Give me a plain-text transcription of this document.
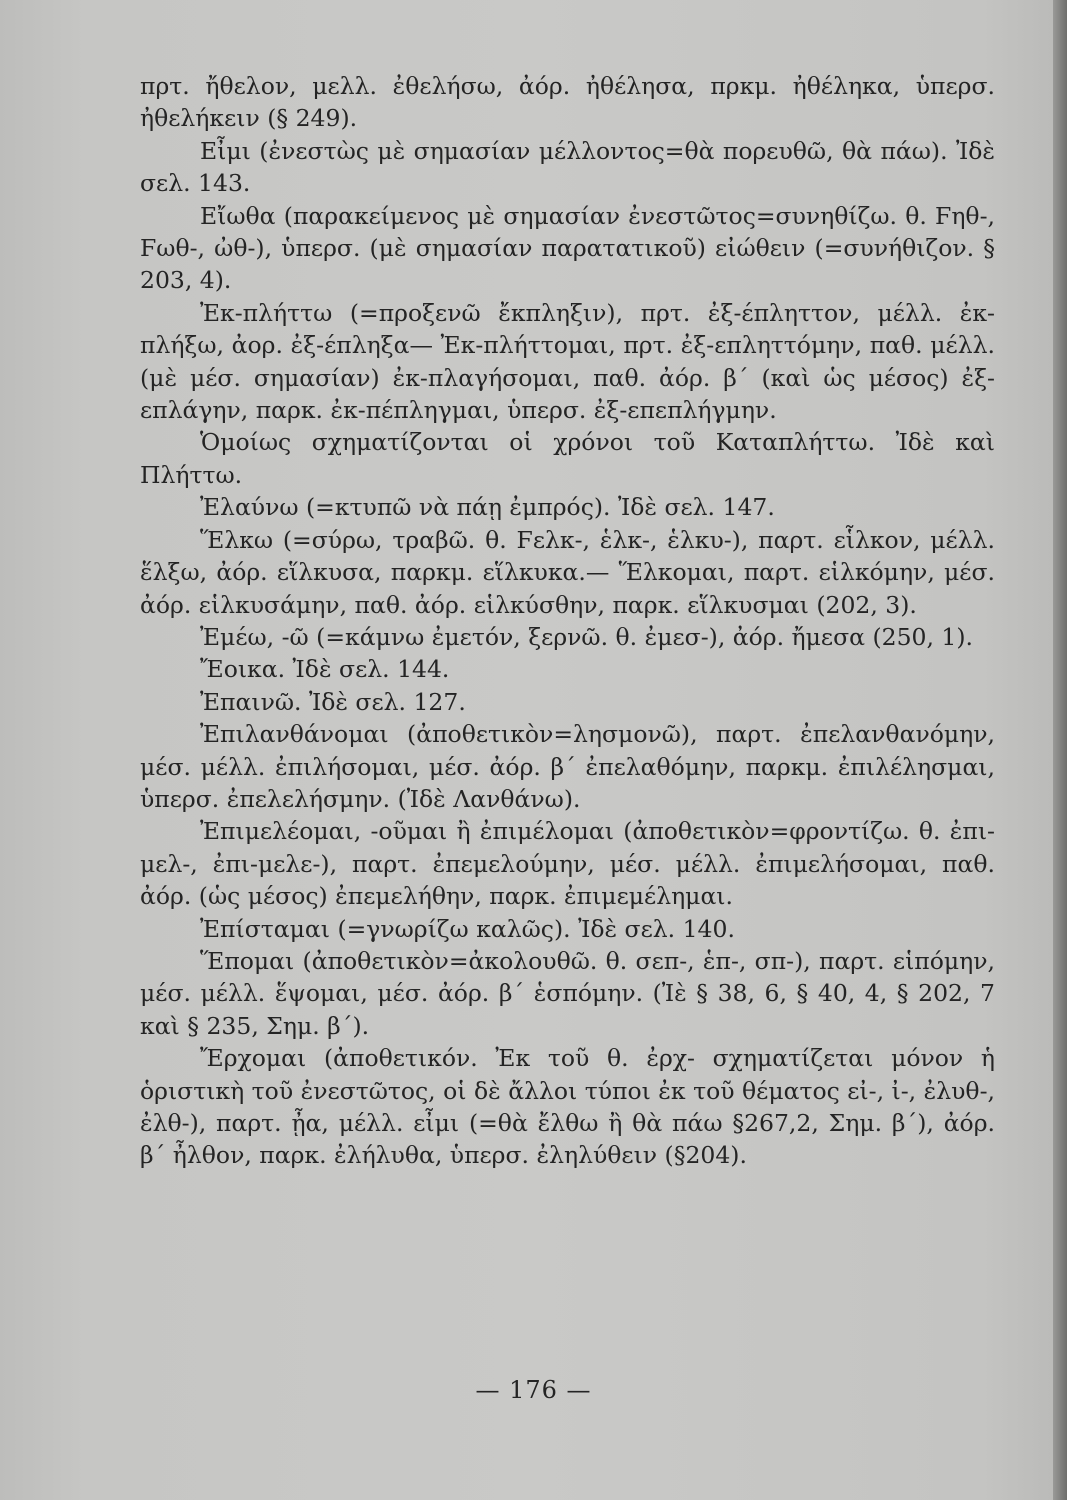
πρτ. ἤθελον, μελλ. ἐθελήσω, ἀόρ. ἠθέλησα, πρκμ. ἠθέληκα, ὑπερσ. ἠθελήκειν (§ 249).

Εἶμι (ἐνεστὼς μὲ σημασίαν μέλλοντος=θὰ πορευθῶ, θὰ πάω). Ἰδὲ σελ. 143.

Εἴωθα (παρακείμενος μὲ σημασίαν ἐνεστῶτος=συνηθίζω. θ. Ϝηθ-, Ϝωθ-, ὠθ-), ὑπερσ. (μὲ σημασίαν παρατατικοῦ) εἰώθειν (=συνήθιζον. § 203, 4).

Ἐκ-πλήττω (=προξενῶ ἔκπληξιν), πρτ. ἐξ-έπληττον, μέλλ. ἐκ-πλήξω, ἀορ. ἐξ-έπληξα— Ἐκ-πλήττομαι, πρτ. ἐξ-επληττόμην, παθ. μέλλ. (μὲ μέσ. σημασίαν) ἐκ-πλαγήσομαι, παθ. ἀόρ. β΄ (καὶ ὡς μέσος) ἐξ-επλάγην, παρκ. ἐκ-πέπληγμαι, ὑπερσ. ἐξ-επεπλήγμην.

Ὁμοίως σχηματίζονται οἱ χρόνοι τοῦ Καταπλήττω. Ἰδὲ καὶ Πλήττω.

Ἐλαύνω (=κτυπῶ νὰ πάῃ ἐμπρός). Ἰδὲ σελ. 147.

Ἕλκω (=σύρω, τραβῶ. θ. Ϝελκ-, ἑλκ-, ἑλκυ-), παρτ. εἷλκον, μέλλ. ἕλξω, ἀόρ. εἵλκυσα, παρκμ. εἵλκυκα.— Ἕλκομαι, παρτ. εἱλκόμην, μέσ. ἀόρ. εἱλκυσάμην, παθ. ἀόρ. εἱλκύσθην, παρκ. εἵλκυσμαι (202, 3).

Ἐμέω, -ῶ (=κάμνω ἐμετόν, ξερνῶ. θ. ἐμεσ-), ἀόρ. ἤμεσα (250, 1).

Ἔοικα. Ἰδὲ σελ. 144.

Ἐπαινῶ. Ἰδὲ σελ. 127.

Ἐπιλανθάνομαι (ἀποθετικὸν=λησμονῶ), παρτ. ἐπελανθανόμην, μέσ. μέλλ. ἐπιλήσομαι, μέσ. ἀόρ. β΄ ἐπελαθόμην, παρκμ. ἐπιλέλησμαι, ὑπερσ. ἐπελελήσμην. (Ἰδὲ Λανθάνω).

Ἐπιμελέομαι, -οῦμαι ἢ ἐπιμέλομαι (ἀποθετικὸν=φροντίζω. θ. ἐπι-μελ-, ἐπι-μελε-), παρτ. ἐπεμελούμην, μέσ. μέλλ. ἐπιμελήσομαι, παθ. ἀόρ. (ὡς μέσος) ἐπεμελήθην, παρκ. ἐπιμεμέλημαι.

Ἐπίσταμαι (=γνωρίζω καλῶς). Ἰδὲ σελ. 140.

Ἕπομαι (ἀποθετικὸν=ἀκολουθῶ. θ. σεπ-, ἑπ-, σπ-), παρτ. εἱπόμην, μέσ. μέλλ. ἕψομαι, μέσ. ἀόρ. β΄ ἑσπόμην. (Ἰὲ § 38, 6, § 40, 4, § 202, 7 καὶ § 235, Σημ. β΄).

Ἔρχομαι (ἀποθετικόν. Ἐκ τοῦ θ. ἐρχ- σχηματίζεται μόνον ἡ ὁριστικὴ τοῦ ἐνεστῶτος, οἱ δὲ ἄλλοι τύποι ἐκ τοῦ θέματος εἰ-, ἰ-, ἐλυθ-, ἐλθ-), παρτ. ᾖα, μέλλ. εἶμι (=θὰ ἔλθω ἢ θὰ πάω §267,2, Σημ. β΄), ἀόρ. β΄ ἦλθον, παρκ. ἐλήλυθα, ὑπερσ. ἐληλύθειν (§204).

— 176 —
